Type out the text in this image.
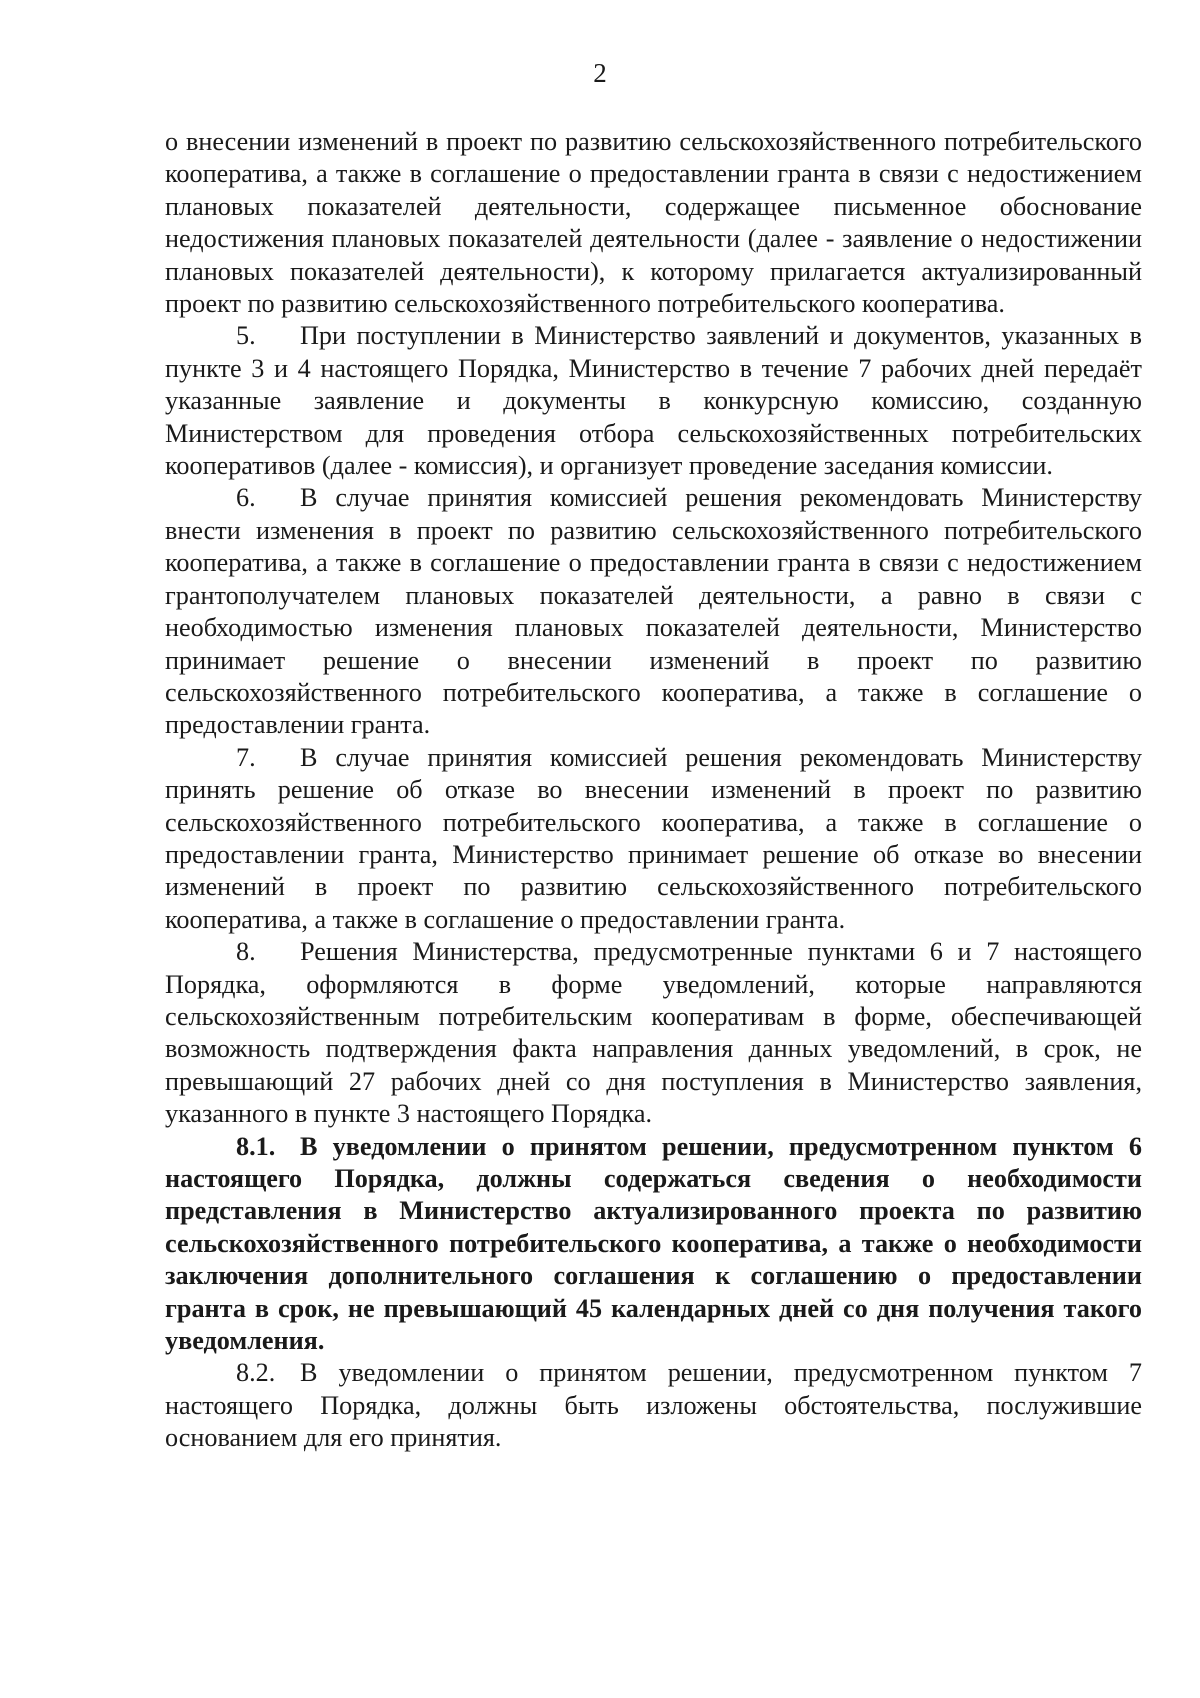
2

о внесении изменений в проект по развитию сельскохозяйственного потребительского кооператива, а также в соглашение о предоставлении гранта в связи с недостижением плановых показателей деятельности, содержащее письменное обоснование недостижения плановых показателей деятельности (далее - заявление о недостижении плановых показателей деятельности), к которому прилагается актуализированный проект по развитию сельскохозяйственного потребительского кооператива.

5. При поступлении в Министерство заявлений и документов, указанных в пункте 3 и 4 настоящего Порядка, Министерство в течение 7 рабочих дней передаёт указанные заявление и документы в конкурсную комиссию, созданную Министерством для проведения отбора сельскохозяйственных потребительских кооперативов (далее - комиссия), и организует проведение заседания комиссии.

6. В случае принятия комиссией решения рекомендовать Министерству внести изменения в проект по развитию сельскохозяйственного потребительского кооператива, а также в соглашение о предоставлении гранта в связи с недостижением грантополучателем плановых показателей деятельности, а равно в связи с необходимостью изменения плановых показателей деятельности, Министерство принимает решение о внесении изменений в проект по развитию сельскохозяйственного потребительского кооператива, а также в соглашение о предоставлении гранта.

7. В случае принятия комиссией решения рекомендовать Министерству принять решение об отказе во внесении изменений в проект по развитию сельскохозяйственного потребительского кооператива, а также в соглашение о предоставлении гранта, Министерство принимает решение об отказе во внесении изменений в проект по развитию сельскохозяйственного потребительского кооператива, а также в соглашение о предоставлении гранта.

8. Решения Министерства, предусмотренные пунктами 6 и 7 настоящего Порядка, оформляются в форме уведомлений, которые направляются сельскохозяйственным потребительским кооперативам в форме, обеспечивающей возможность подтверждения факта направления данных уведомлений, в срок, не превышающий 27 рабочих дней со дня поступления в Министерство заявления, указанного в пункте 3 настоящего Порядка.

8.1. В уведомлении о принятом решении, предусмотренном пунктом 6 настоящего Порядка, должны содержаться сведения о необходимости представления в Министерство актуализированного проекта по развитию сельскохозяйственного потребительского кооператива, а также о необходимости заключения дополнительного соглашения к соглашению о предоставлении гранта в срок, не превышающий 45 календарных дней со дня получения такого уведомления.

8.2. В уведомлении о принятом решении, предусмотренном пунктом 7 настоящего Порядка, должны быть изложены обстоятельства, послужившие основанием для его принятия.
